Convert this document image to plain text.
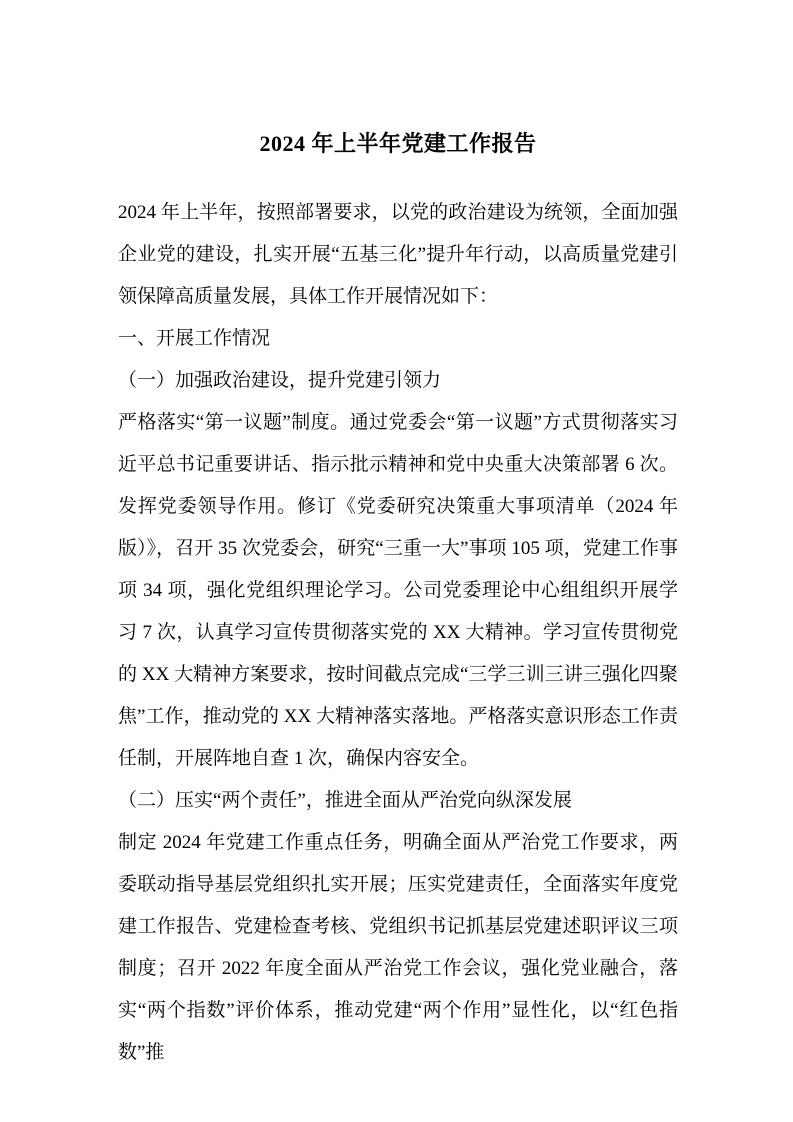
2024 年上半年党建工作报告

2024 年上半年，按照部署要求，以党的政治建设为统领，全面加强企业党的建设，扎实开展“五基三化”提升年行动，以高质量党建引领保障高质量发展，具体工作开展情况如下：

一、开展工作情况

（一）加强政治建设，提升党建引领力

严格落实“第一议题”制度。通过党委会“第一议题”方式贯彻落实习近平总书记重要讲话、指示批示精神和党中央重大决策部署 6 次。发挥党委领导作用。修订《党委研究决策重大事项清单（2024 年版）》，召开 35 次党委会，研究“三重一大”事项 105 项，党建工作事项 34 项，强化党组织理论学习。公司党委理论中心组组织开展学习 7 次，认真学习宣传贯彻落实党的 XX 大精神。学习宣传贯彻党的 XX 大精神方案要求，按时间截点完成“三学三训三讲三强化四聚焦”工作，推动党的 XX 大精神落实落地。严格落实意识形态工作责任制，开展阵地自查 1 次，确保内容安全。

（二）压实“两个责任”，推进全面从严治党向纵深发展

制定 2024 年党建工作重点任务，明确全面从严治党工作要求，两委联动指导基层党组织扎实开展；压实党建责任，全面落实年度党建工作报告、党建检查考核、党组织书记抓基层党建述职评议三项制度；召开 2022 年度全面从严治党工作会议，强化党业融合，落实“两个指数”评价体系，推动党建“两个作用”显性化，以“红色指数”推
